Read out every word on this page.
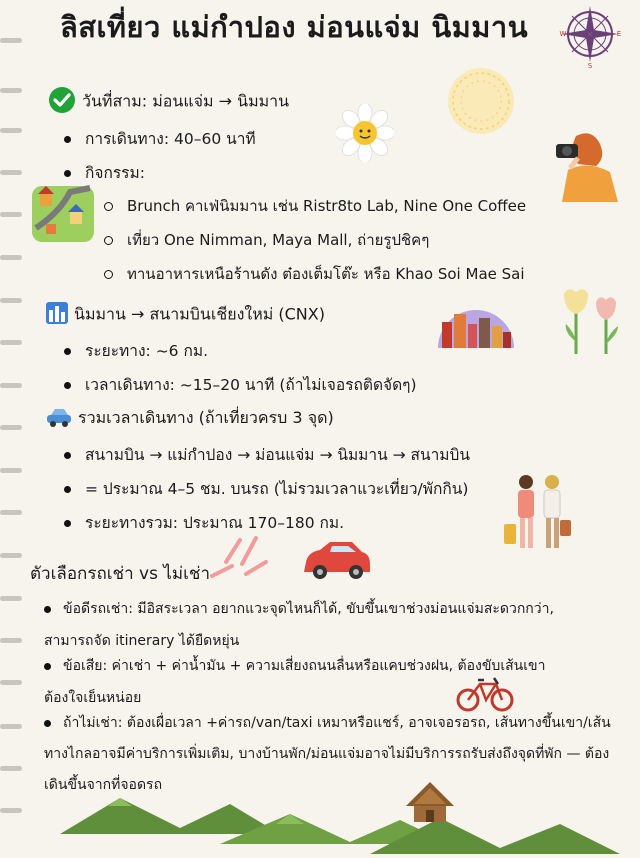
ลิสเที่ยว แม่กำปอง ม่อนแจ่ม นิมมาน
S
W	E
วันที่สาม: ม่อนแจ่ม → นิมมาน
การเดินทาง: 40–60 นาที
กิจกรรม:
Brunch คาเฟ่นิมมาน เช่น Ristr8to Lab, Nine One Coffee
เที่ยว One Nimman, Maya Mall, ถ่ายรูปชิคๆ
ทานอาหารเหนือร้านดัง ต๋องเต็มโต๊ะ หรือ Khao Soi Mae Sai
นิมมาน → สนามบินเชียงใหม่ (CNX)
ระยะทาง: ~6 กม.
เวลาเดินทาง: ~15–20 นาที (ถ้าไม่เจอรถติดจัดๆ)
รวมเวลาเดินทาง (ถ้าเที่ยวครบ 3 จุด)
สนามบิน → แม่กำปอง → ม่อนแจ่ม → นิมมาน → สนามบิน
= ประมาณ 4–5 ชม. บนรถ (ไม่รวมเวลาแวะเที่ยว/พักกิน)
ระยะทางรวม: ประมาณ 170–180 กม.
ตัวเลือกรถเช่า vs ไม่เช่า
ข้อดีรถเช่า: มีอิสระเวลา อยากแวะจุดไหนก็ได้, ขับขึ้นเขาช่วงม่อนแจ่มสะดวกกว่า, สามารถจัด itinerary ได้ยืดหยุ่น
ข้อเสีย: ค่าเช่า + ค่าน้ำมัน + ความเสี่ยงถนนลื่นหรือแคบช่วงฝน, ต้องขับเส้นเขา ต้องใจเย็นหน่อย
ถ้าไม่เช่า: ต้องเผื่อเวลา +ค่ารถ/van/taxi เหมาหรือแชร์, อาจเจอรอรถ, เส้นทางขึ้นเขา/เส้นทางไกลอาจมีค่าบริการเพิ่มเติม, บางบ้านพัก/ม่อนแจ่มอาจไม่มีบริการรถรับส่งถึงจุดที่พัก — ต้องเดินขึ้นจากที่จอดรถ
